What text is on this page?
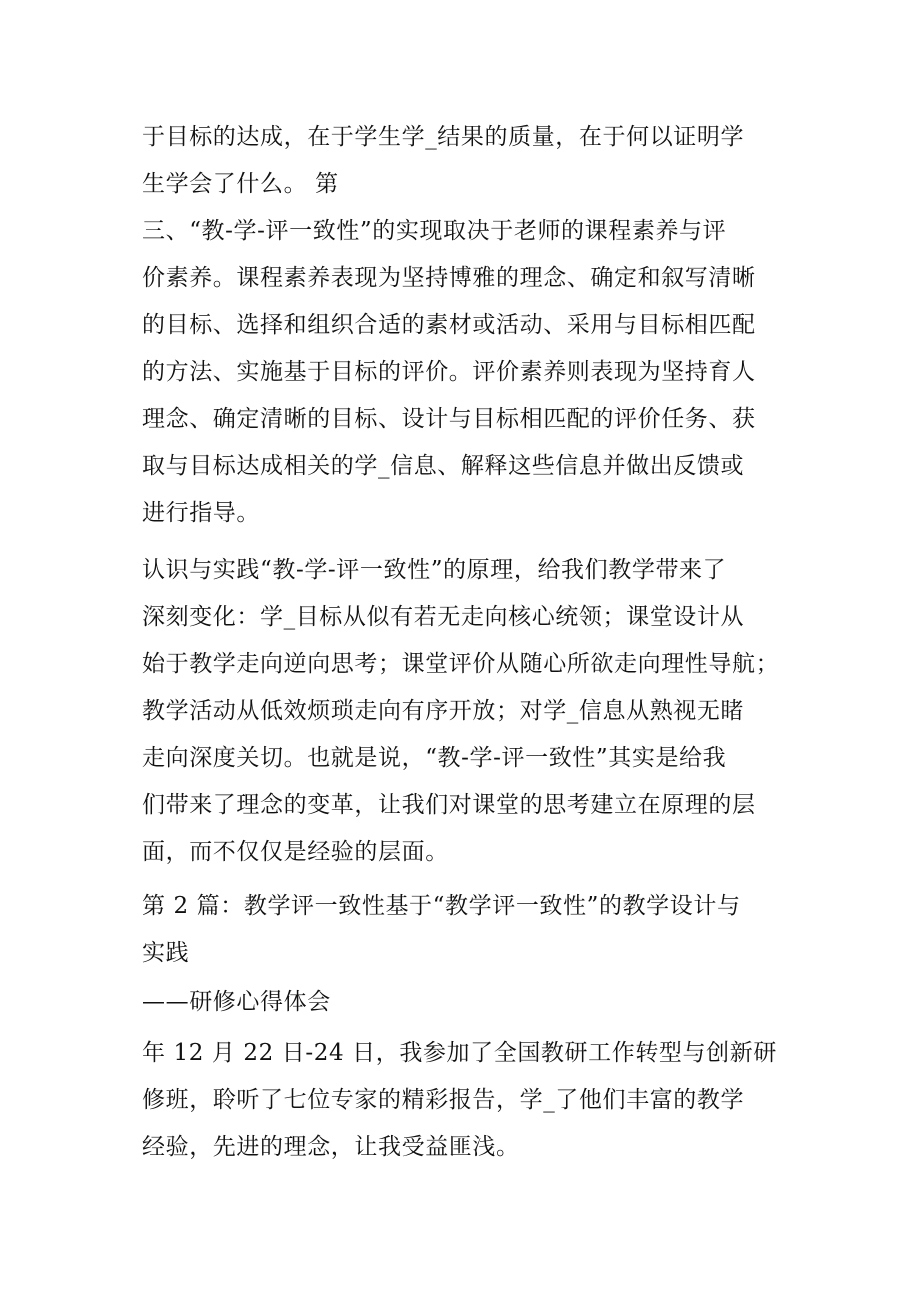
于目标的达成，在于学生学_结果的质量，在于何以证明学
生学会了什么。 第
三、“教-学-评一致性”的实现取决于老师的课程素养与评
价素养。课程素养表现为坚持博雅的理念、确定和叙写清晰
的目标、选择和组织合适的素材或活动、采用与目标相匹配
的方法、实施基于目标的评价。评价素养则表现为坚持育人
理念、确定清晰的目标、设计与目标相匹配的评价任务、获
取与目标达成相关的学_信息、解释这些信息并做出反馈或
进行指导。
认识与实践“教-学-评一致性”的原理，给我们教学带来了
深刻变化：学_目标从似有若无走向核心统领；课堂设计从
始于教学走向逆向思考；课堂评价从随心所欲走向理性导航；
教学活动从低效烦琐走向有序开放；对学_信息从熟视无睹
走向深度关切。也就是说，“教-学-评一致性”其实是给我
们带来了理念的变革，让我们对课堂的思考建立在原理的层
面，而不仅仅是经验的层面。
第 2 篇：教学评一致性基于“教学评一致性”的教学设计与
实践
——研修心得体会
年 12 月 22 日-24 日，我参加了全国教研工作转型与创新研
修班，聆听了七位专家的精彩报告，学_了他们丰富的教学
经验，先进的理念，让我受益匪浅。
